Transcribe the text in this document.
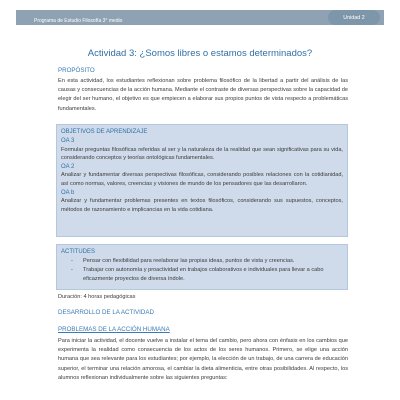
Programa de Estudio Filosofía 3° medio
Unidad 2
Actividad 3: ¿Somos libres o estamos determinados?
PROPÓSITO
En esta actividad, los estudiantes reflexionan sobre problema filosófico de la libertad a partir del análisis de las causas y consecuencias de la acción humana. Mediante el contraste de diversas perspectivas sobre la capacidad de elegir del ser humano, el objetivo es que empiecen a elaborar sus propios puntos de vista respecto a problemáticas fundamentales.
OBJETIVOS DE APRENDIZAJE
OA 3
Formular preguntas filosóficas referidas al ser y la naturaleza de la realidad que sean significativas para su vida, considerando conceptos y teorías ontológicas fundamentales.
OA 2
Analizar y fundamentar diversas perspectivas filosóficas, considerando posibles relaciones con la cotidianidad, así como normas, valores, creencias y visiones de mundo de los pensadores que las desarrollaron.
OA b
Analizar y fundamentar problemas presentes en textos filosóficos, considerando sus supuestos, conceptos, métodos de razonamiento e implicancias en la vida cotidiana.
ACTITUDES
-	Pensar con flexibilidad para reelaborar las propias ideas, puntos de vista y creencias.
-	Trabajar con autonomía y proactividad en trabajos colaborativos e individuales para llevar a cabo eficazmente proyectos de diversa índole.
Duración: 4 horas pedagógicas
DESARROLLO DE LA ACTIVIDAD
PROBLEMAS DE LA ACCIÓN HUMANA
Para iniciar la actividad, el docente vuelve a instalar el tema del cambio, pero ahora con énfasis en los cambios que experimenta la realidad como consecuencia de los actos de los seres humanos. Primero, se elige una acción humana que sea relevante para los estudiantes; por ejemplo, la elección de un trabajo, de una carrera de educación superior, el terminar una relación amorosa, el cambiar la dieta alimenticia, entre otras posibilidades. Al respecto, los alumnos reflexionan individualmente sobre las siguientes preguntas:
